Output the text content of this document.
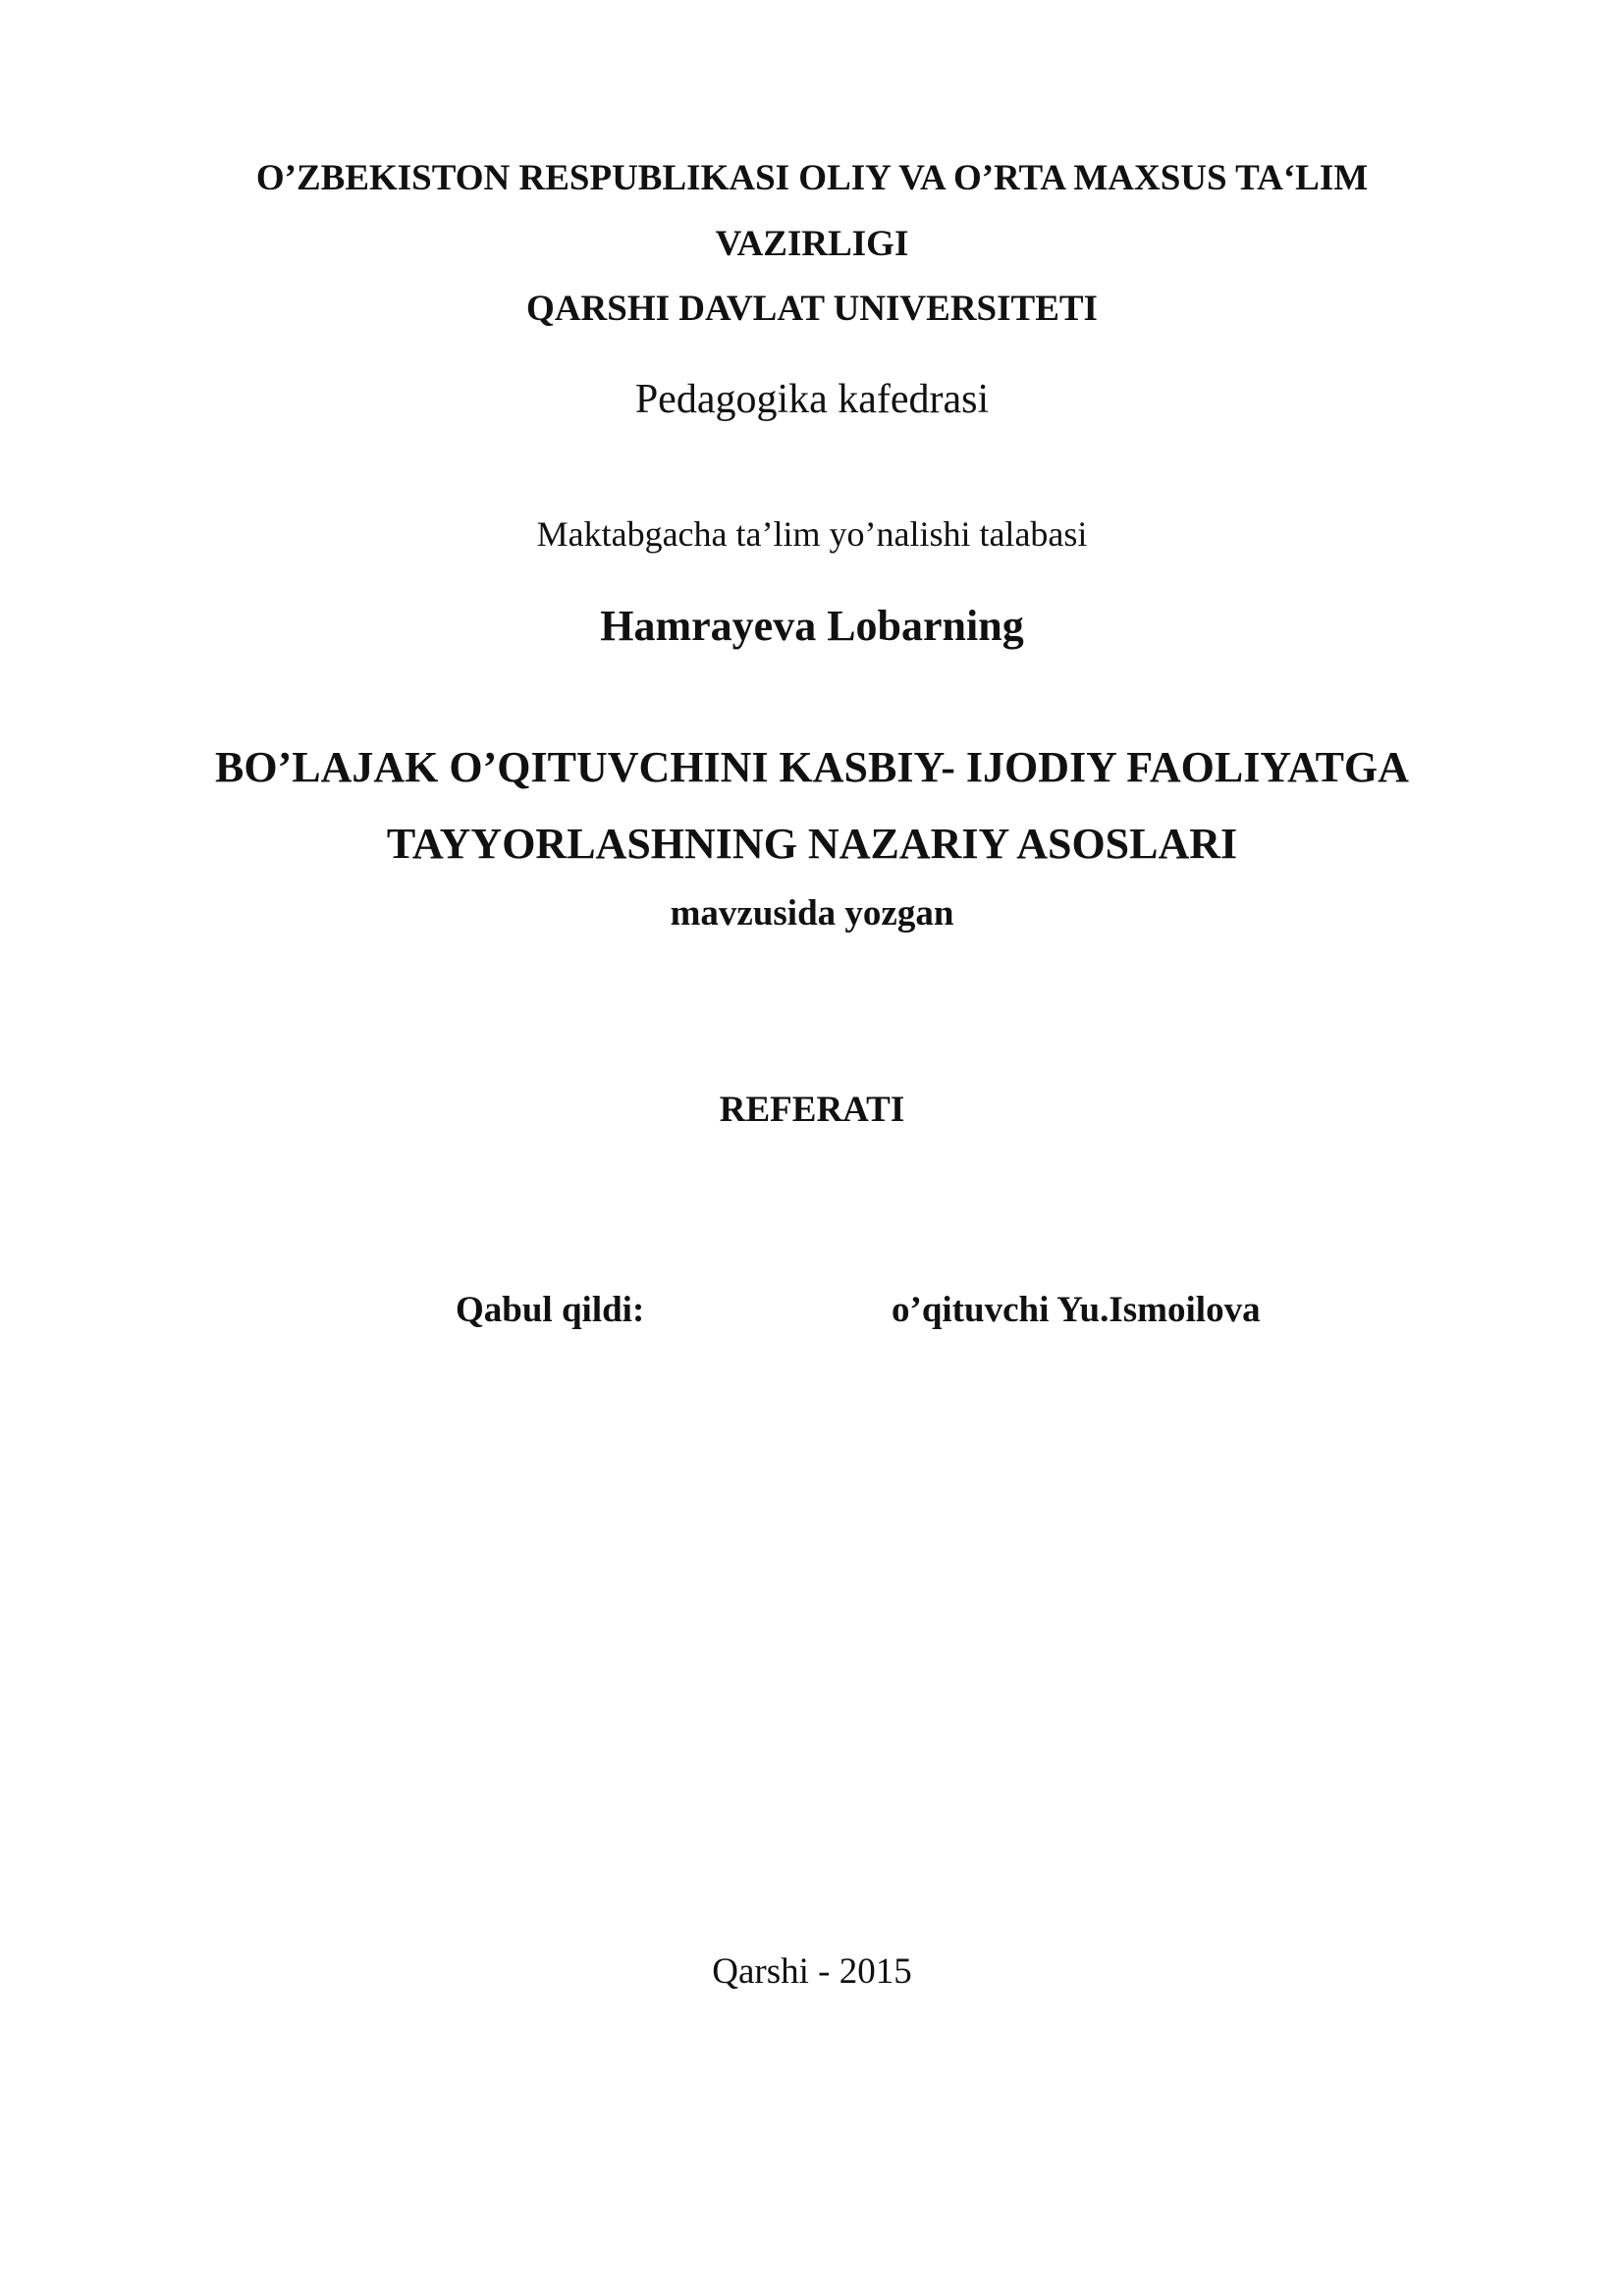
O’ZBEKISTON RESPUBLIKASI OLIY VA O’RTA MAXSUS TA‘LIM
VAZIRLIGI
QARSHI DAVLAT UNIVERSITETI
Pedagogika kafedrasi
Maktabgacha ta’lim yo’nalishi talabasi
Hamrayeva Lobarning
BO’LAJAK O’QITUVCHINI KASBIY- IJODIY FAOLIYATGA
TAYYORLASHNING NAZARIY ASOSLARI
mavzusida yozgan
REFERATI
Qabul qildi:	o’qituvchi Yu.Ismoilova
Qarshi - 2015
